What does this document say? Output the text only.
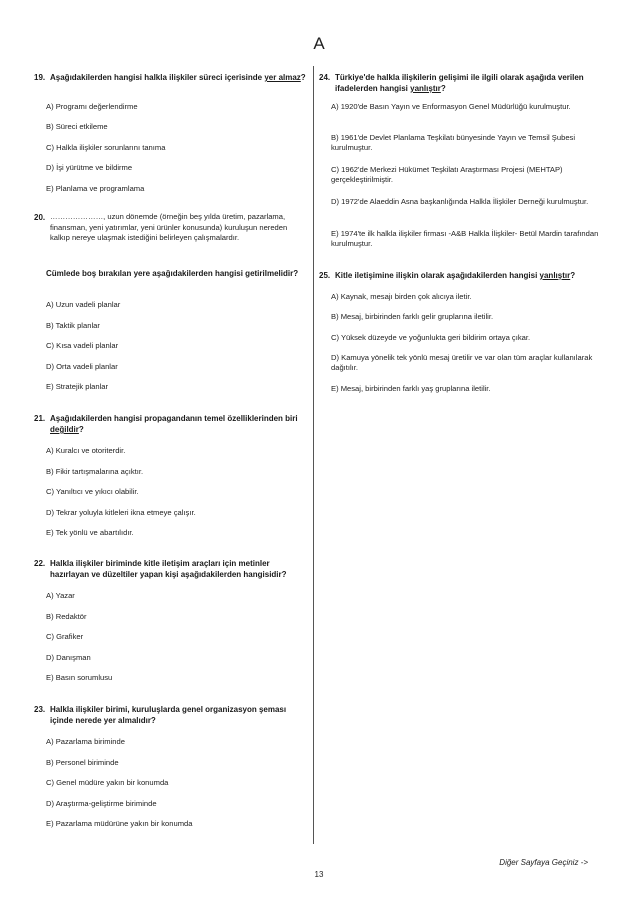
A
19. Aşağıdakilerden hangisi halkla ilişkiler süreci içerisinde yer almaz?
A) Programı değerlendirme
B) Süreci etkileme
C) Halkla ilişkiler sorunlarını tanıma
D) İşi yürütme ve bildirme
E) Planlama ve programlama
20. …………………, uzun dönemde (örneğin beş yılda üretim, pazarlama, finansman, yeni yatırımlar, yeni ürünler konusunda) kuruluşun nereden kalkıp nereye ulaşmak istediğini belirleyen çalışmalardır.
Cümlede boş bırakılan yere aşağıdakilerden hangisi getirilmelidir?
A) Uzun vadeli planlar
B) Taktik planlar
C) Kısa vadeli planlar
D) Orta vadeli planlar
E) Stratejik planlar
21. Aşağıdakilerden hangisi propagandanın temel özelliklerinden biri değildir?
A) Kuralcı ve otoriterdir.
B) Fikir tartışmalarına açıktır.
C) Yanıltıcı ve yıkıcı olabilir.
D) Tekrar yoluyla kitleleri ikna etmeye çalışır.
E) Tek yönlü ve abartılıdır.
22. Halkla ilişkiler biriminde kitle iletişim araçları için metinler hazırlayan ve düzeltiler yapan kişi aşağıdakilerden hangisidir?
A) Yazar
B) Redaktör
C) Grafiker
D) Danışman
E) Basın sorumlusu
23. Halkla ilişkiler birimi, kuruluşlarda genel organizasyon şeması içinde nerede yer almalıdır?
A) Pazarlama biriminde
B) Personel biriminde
C) Genel müdüre yakın bir konumda
D) Araştırma-geliştirme biriminde
E) Pazarlama müdürüne yakın bir konumda
24. Türkiye'de halkla ilişkilerin gelişimi ile ilgili olarak aşağıda verilen ifadelerden hangisi yanlıştır?
A) 1920'de Basın Yayın ve Enformasyon Genel Müdürlüğü kurulmuştur.
B) 1961'de Devlet Planlama Teşkilatı bünyesinde Yayın ve Temsil Şubesi kurulmuştur.
C) 1962'de Merkezi Hükümet Teşkilatı Araştırması Projesi (MEHTAP) gerçekleştirilmiştir.
D) 1972'de Alaeddin Asna başkanlığında Halkla İlişkiler Derneği kurulmuştur.
E) 1974'te ilk halkla ilişkiler firması -A&B Halkla İlişkiler- Betül Mardin tarafından kurulmuştur.
25. Kitle iletişimine ilişkin olarak aşağıdakilerden hangisi yanlıştır?
A) Kaynak, mesajı birden çok alıcıya iletir.
B) Mesaj, birbirinden farklı gelir gruplarına iletilir.
C) Yüksek düzeyde ve yoğunlukta geri bildirim ortaya çıkar.
D) Kamuya yönelik tek yönlü mesaj üretilir ve var olan tüm araçlar kullanılarak dağıtılır.
E) Mesaj, birbirinden farklı yaş gruplarına iletilir.
Diğer Sayfaya Geçiniz ->
13
